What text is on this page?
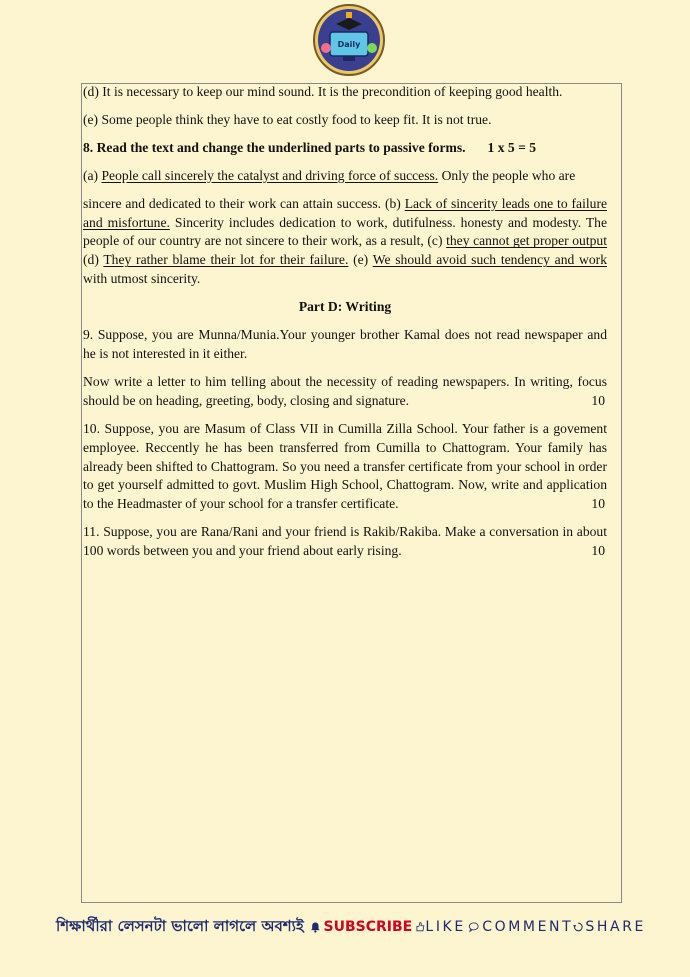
Daily
(d) It is necessary to keep our mind sound. It is the precondition of keeping good health.
(e) Some people think they have to eat costly food to keep fit. It is not true.
8. Read the text and change the underlined parts to passive forms. 1 x 5 = 5
(a) People call sincerely the catalyst and driving force of success. Only the people who are
sincere and dedicated to their work can attain success. (b) Lack of sincerity leads one to failure and misfortune. Sincerity includes dedication to work, dutifulness. honesty and modesty. The people of our country are not sincere to their work, as a result, (c) they cannot get proper output (d) They rather blame their lot for their failure. (e) We should avoid such tendency and work with utmost sincerity.
Part D: Writing
9. Suppose, you are Munna/Munia.Your younger brother Kamal does not read newspaper and he is not interested in it either.
Now write a letter to him telling about the necessity of reading newspapers. In writing, focus
should be on heading, greeting, body, closing and signature.	10
10. Suppose, you are Masum of Class VII in Cumilla Zilla School. Your father is a govement employee. Reccently he has been transferred from Cumilla to Chattogram. Your family has already been shifted to Chattogram. So you need a transfer certificate from your school in order to get yourself admitted to govt. Muslim High School, Chattogram. Now, write and application
to the Headmaster of your school for a transfer certificate.	10
11. Suppose, you are Rana/Rani and your friend is Rakib/Rakiba. Make a conversation in about
100 words between you and your friend about early rising.	10
শিক্ষার্থীরা লেসনটা ভালো লাগলে অবশ্যই SUBSCRIBE LIKE COMMENT SHARE
